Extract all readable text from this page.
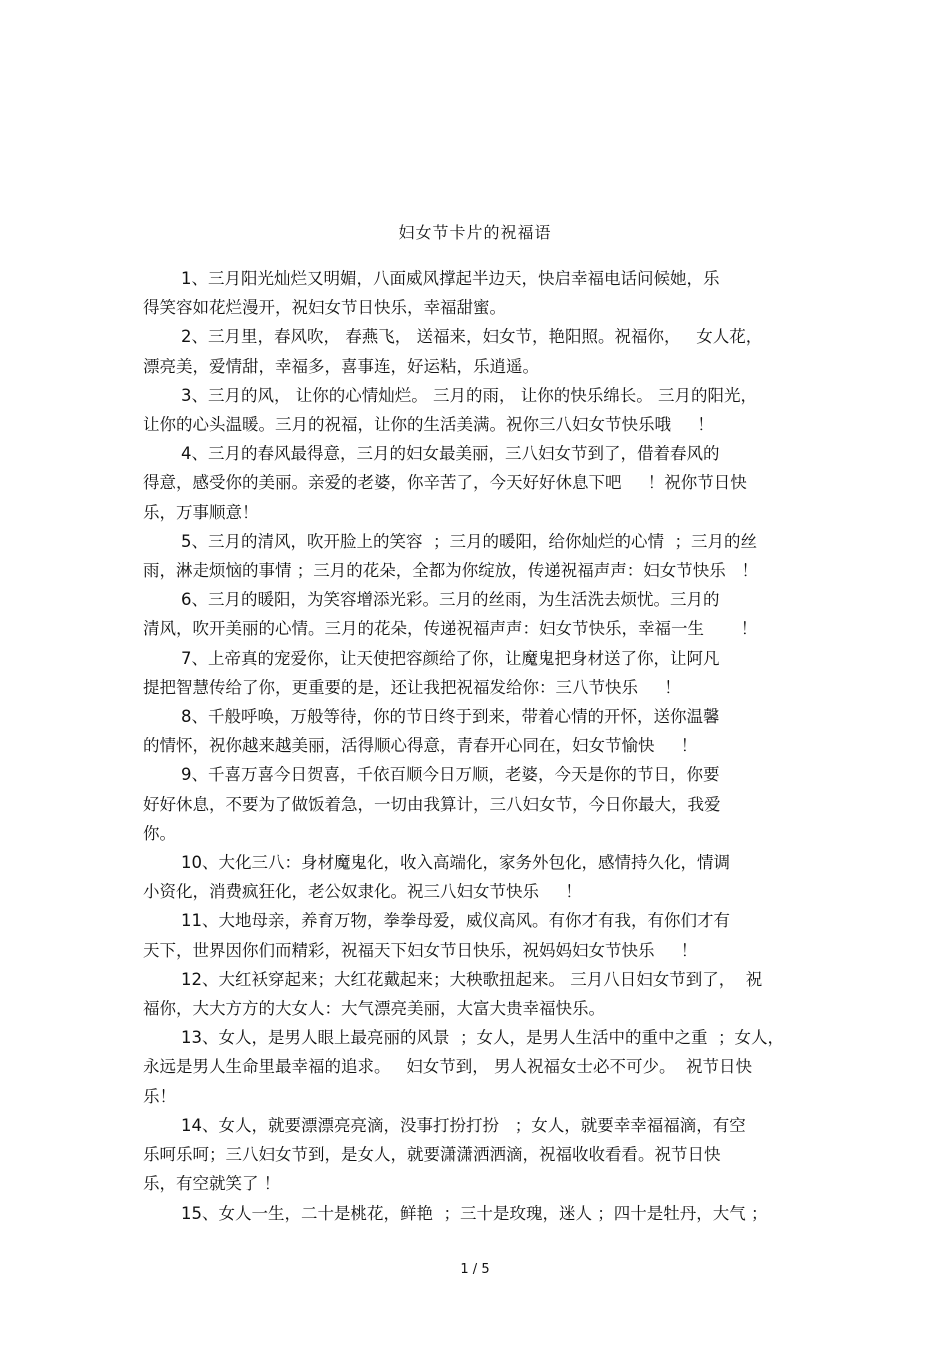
妇女节卡片的祝福语
1、三月阳光灿烂又明媚，八面威风撑起半边天，快启幸福电话问候她，乐
得笑容如花烂漫开，祝妇女节日快乐，幸福甜蜜。
2、三月里，春风吹， 春燕飞， 送福来，妇女节，艳阳照。祝福你，   女人花，
漂亮美，爱情甜，幸福多，喜事连，好运粘，乐逍遥。
3、三月的风， 让你的心情灿烂。 三月的雨， 让你的快乐绵长。 三月的阳光，
让你的心头温暖。三月的祝福，让你的生活美满。祝你三八妇女节快乐哦     ！
4、三月的春风最得意，三月的妇女最美丽，三八妇女节到了，借着春风的
得意，感受你的美丽。亲爱的老婆，你辛苦了，今天好好休息下吧     ！祝你节日快
乐，万事顺意！
5、三月的清风，吹开脸上的笑容  ；三月的暖阳，给你灿烂的心情  ；三月的丝
雨，淋走烦恼的事情 ；三月的花朵，全都为你绽放，传递祝福声声：妇女节快乐   ！
6、三月的暖阳，为笑容增添光彩。三月的丝雨，为生活洗去烦忧。三月的
清风，吹开美丽的心情。三月的花朵，传递祝福声声：妇女节快乐，幸福一生       ！
7、上帝真的宠爱你，让天使把容颜给了你，让魔鬼把身材送了你，让阿凡
提把智慧传给了你，更重要的是，还让我把祝福发给你：三八节快乐     ！
8、千般呼唤，万般等待，你的节日终于到来，带着心情的开怀，送你温馨
的情怀，祝你越来越美丽，活得顺心得意，青春开心同在，妇女节愉快     ！
9、千喜万喜今日贺喜，千依百顺今日万顺，老婆，今天是你的节日，你要
好好休息，不要为了做饭着急，一切由我算计，三八妇女节，今日你最大，我爱
你。
10、大化三八：身材魔鬼化，收入高端化，家务外包化，感情持久化，情调
小资化，消费疯狂化，老公奴隶化。祝三八妇女节快乐     ！
11、大地母亲，养育万物，拳拳母爱，威仪高风。有你才有我，有你们才有
天下，世界因你们而精彩，祝福天下妇女节日快乐，祝妈妈妇女节快乐     ！
12、大红袄穿起来；大红花戴起来；大秧歌扭起来。 三月八日妇女节到了，  祝
福你，大大方方的大女人：大气漂亮美丽，大富大贵幸福快乐。
13、女人，是男人眼上最亮丽的风景  ；女人，是男人生活中的重中之重  ；女人，
永远是男人生命里最幸福的追求。   妇女节到， 男人祝福女士必不可少。  祝节日快
乐！
14、女人，就要漂漂亮亮滴，没事打扮打扮   ；女人，就要幸幸福福滴，有空
乐呵乐呵；三八妇女节到，是女人，就要潇潇洒洒滴，祝福收收看看。祝节日快
乐，有空就笑了 ！
15、女人一生，二十是桃花，鲜艳  ；三十是玫瑰，迷人 ；四十是牡丹，大气 ；
1 / 5
